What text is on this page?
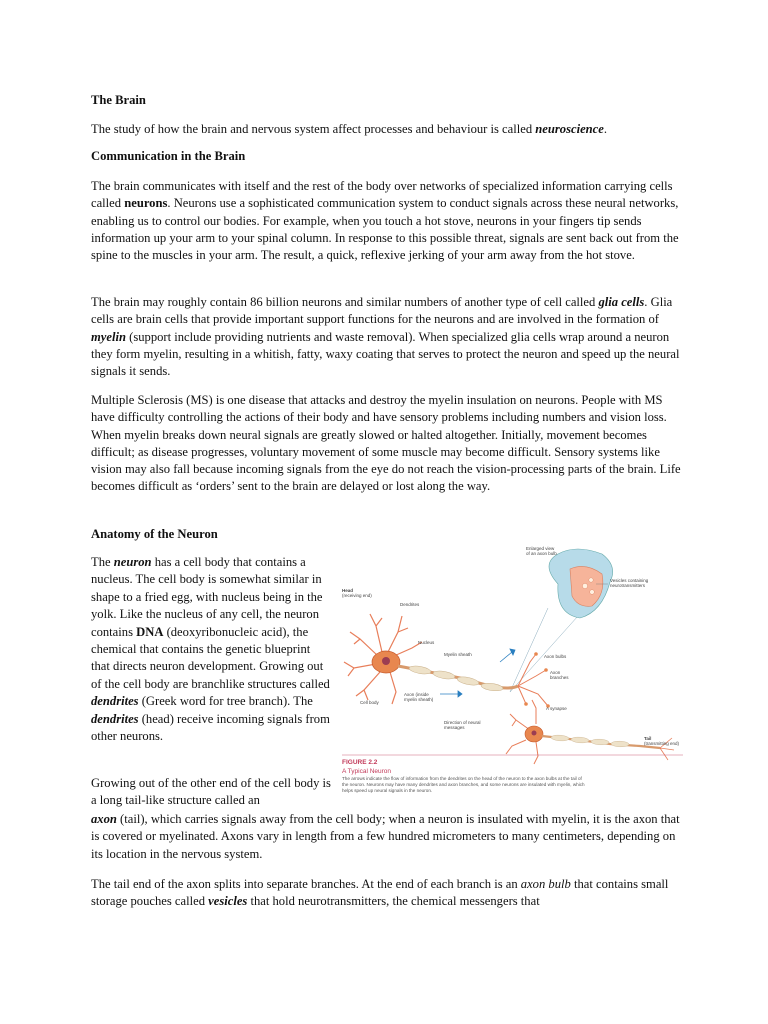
The Brain

The study of how the brain and nervous system affect processes and behaviour is called neuroscience.

Communication in the Brain

The brain communicates with itself and the rest of the body over networks of specialized information carrying cells called neurons. Neurons use a sophisticated communication system to conduct signals across these neural networks, enabling us to control our bodies. For example, when you touch a hot stove, neurons in your fingers tip sends information up your arm to your spinal column. In response to this possible threat, signals are sent back out from the spine to the muscles in your arm. The result, a quick, reflexive jerking of your arm away from the hot stove.

The brain may roughly contain 86 billion neurons and similar numbers of another type of cell called glia cells. Glia cells are brain cells that provide important support functions for the neurons and are involved in the formation of myelin (support include providing nutrients and waste removal). When specialized glia cells wrap around a neuron they form myelin, resulting in a whitish, fatty, waxy coating that serves to protect the neuron and speed up the neural signals it sends.

Multiple Sclerosis (MS) is one disease that attacks and destroy the myelin insulation on neurons. People with MS have difficulty controlling the actions of their body and have sensory problems including numbers and vision loss. When myelin breaks down neural signals are greatly slowed or halted altogether. Initially, movement becomes difficult; as disease progresses, voluntary movement of some muscle may become difficult. Sensory systems like vision may also fall because incoming signals from the eye do not reach the vision-processing parts of the brain. Life becomes difficult as ‘orders’ sent to the brain are delayed or lost along the way.

Anatomy of the Neuron

The neuron has a cell body that contains a nucleus. The cell body is somewhat similar in shape to a fried egg, with nucleus being in the yolk. Like the nucleus of any cell, the neuron contains DNA (deoxyribonucleic acid), the chemical that contains the genetic blueprint that directs neuron development. Growing out of the cell body are branchlike structures called dendrites (Greek word for tree branch). The dendrites (head) receive incoming signals from other neurons.

Growing out of the other end of the cell body is a long tail-like structure called an

axon (tail), which carries signals away from the cell body; when a neuron is insulated with myelin, it is the axon that is covered or myelinated. Axons vary in length from a few hundred micrometers to many centimeters, depending on its location in the nervous system.

The tail end of the axon splits into separate branches. At the end of each branch is an axon bulb that contains small storage pouches called vesicles that hold neurotransmitters, the chemical messengers that

Enlarged view
of an axon bulb
Vesicles containing
neurotransmitters
Head
(receiving end)
Dendrites
Nucleus
Myelin sheath	Axon bulbs
Axon
branches
Cell body
Axon (inside
myelin sheath)
A synapse
Direction of neural
messages
Tail
(transmitting end)
FIGURE 2.2
A Typical Neuron
The arrows indicate the flow of information from the dendrites on the head of the neuron to the axon bulbs at the tail of
the neuron. Neurons may have many dendrites and axon branches, and some neurons are insulated with myelin, which
helps speed up neural signals in the neuron.
